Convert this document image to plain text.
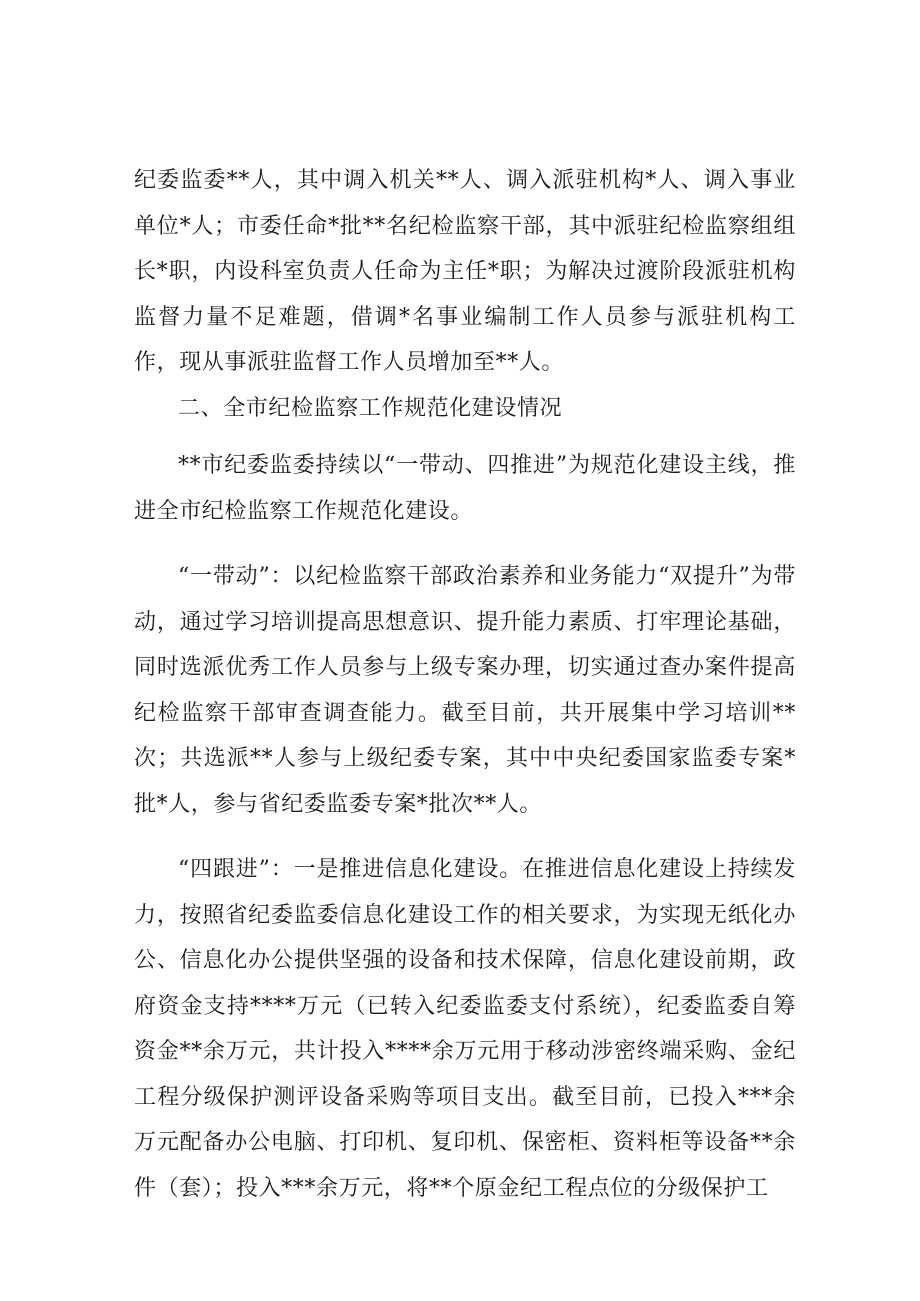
纪委监委**人，其中调入机关**人、调入派驻机构*人、调入事业单位*人；市委任命*批**名纪检监察干部，其中派驻纪检监察组组长*职，内设科室负责人任命为主任*职；为解决过渡阶段派驻机构监督力量不足难题，借调*名事业编制工作人员参与派驻机构工作，现从事派驻监督工作人员增加至**人。

二、全市纪检监察工作规范化建设情况

**市纪委监委持续以“一带动、四推进”为规范化建设主线，推进全市纪检监察工作规范化建设。

“一带动”：以纪检监察干部政治素养和业务能力“双提升”为带动，通过学习培训提高思想意识、提升能力素质、打牢理论基础，同时选派优秀工作人员参与上级专案办理，切实通过查办案件提高纪检监察干部审查调查能力。截至目前，共开展集中学习培训**次；共选派**人参与上级纪委专案，其中中央纪委国家监委专案*批*人，参与省纪委监委专案*批次**人。

“四跟进”：一是推进信息化建设。在推进信息化建设上持续发力，按照省纪委监委信息化建设工作的相关要求，为实现无纸化办公、信息化办公提供坚强的设备和技术保障，信息化建设前期，政府资金支持****万元（已转入纪委监委支付系统），纪委监委自筹资金**余万元，共计投入****余万元用于移动涉密终端采购、金纪工程分级保护测评设备采购等项目支出。截至目前，已投入***余万元配备办公电脑、打印机、复印机、保密柜、资料柜等设备**余件（套）；投入***余万元，将**个原金纪工程点位的分级保护工
